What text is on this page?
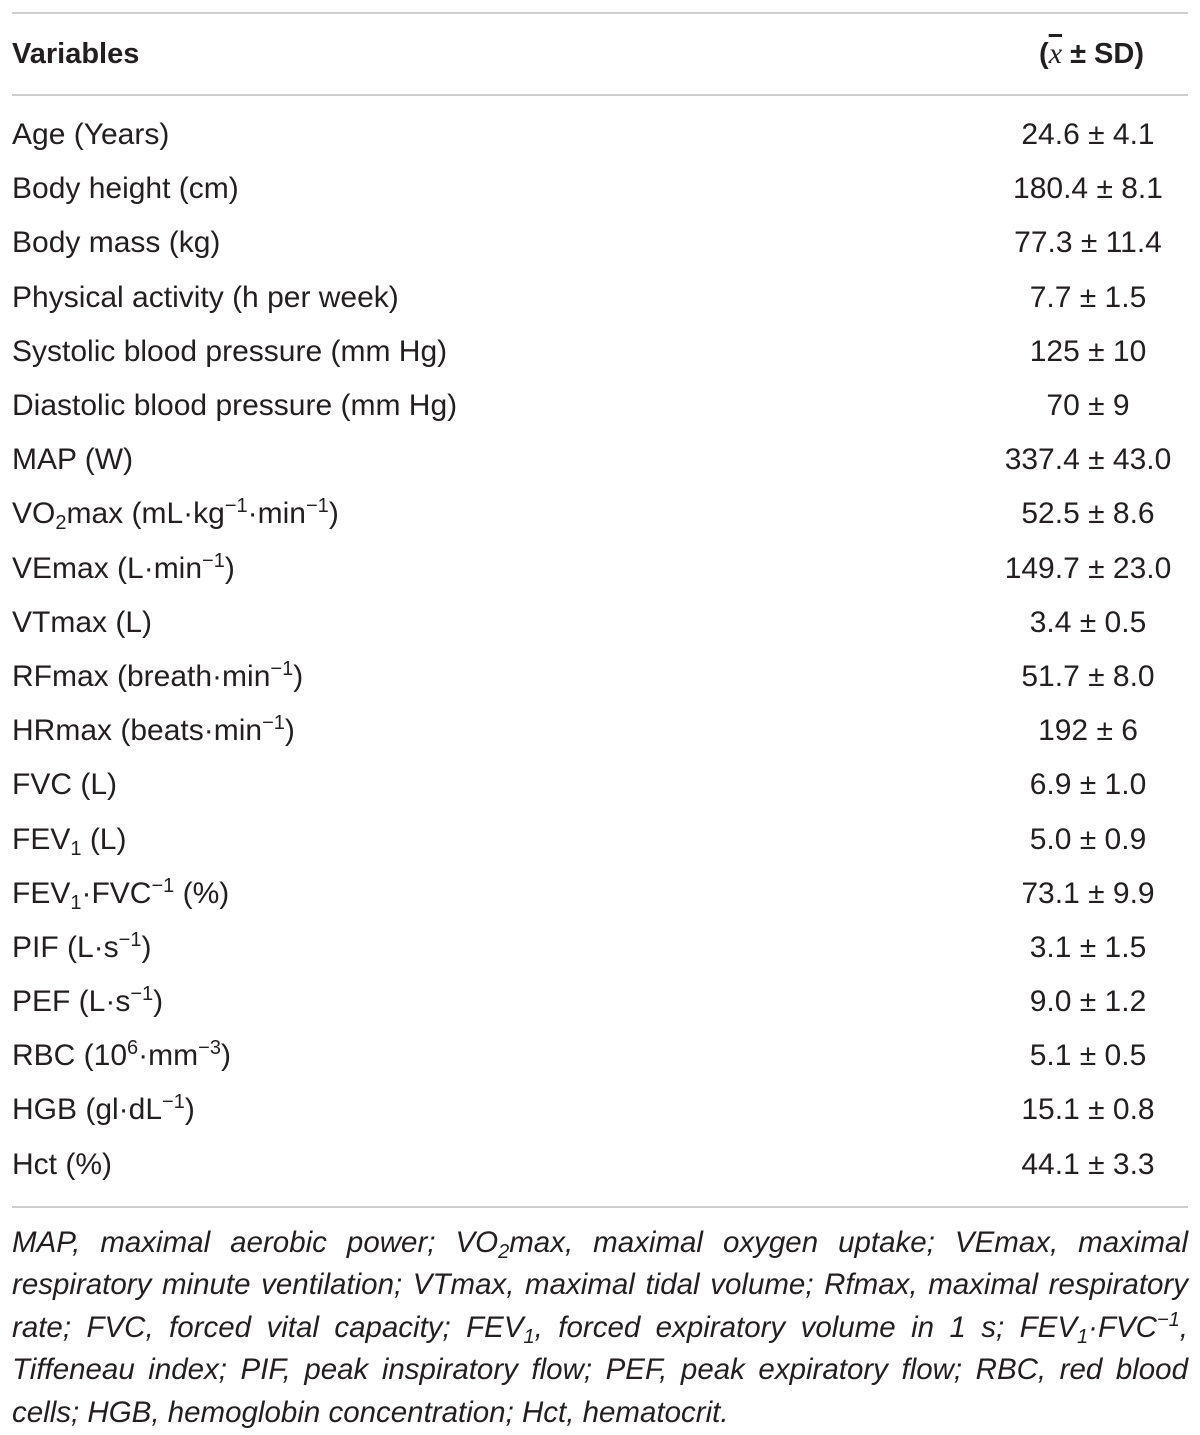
Variables	$(\overline{x} \pm SD)$
Age (Years)	24.6 ± 4.1
Body height (cm)	180.4 ± 8.1
Body mass (kg)	77.3 ± 11.4
Physical activity (h per week)	7.7 ± 1.5
Systolic blood pressure (mm Hg)	125 ± 10
Diastolic blood pressure (mm Hg)	70 ± 9
MAP (W)	337.4 ± 43.0
$VO_2\max$ $(mL\cdot kg^{-1}\cdot\min^{-1})$	52.5 ± 8.6
VEmax $(L\cdot\min^{-1})$	149.7 ± 23.0
VTmax (L)	3.4 ± 0.5
RFmax $(breath\cdot\min^{-1})$	51.7 ± 8.0
HRmax $(beats\cdot\min^{-1})$	192 ± 6
FVC (L)	6.9 ± 1.0
$FEV_1$ (L)	5.0 ± 0.9
$FEV_1\cdot FVC^{-1}$ (%)	73.1 ± 9.9
PIF $(L\cdot s^{-1})$	3.1 ± 1.5
PEF $(L\cdot s^{-1})$	9.0 ± 1.2
RBC $(10^6\cdot mm^{-3})$	5.1 ± 0.5
HGB $(gl\cdot dL^{-1})$	15.1 ± 0.8
Hct (%)	44.1 ± 3.3
MAP, maximal aerobic power; $VO_2\max$, maximal oxygen uptake; VEmax, maximal respiratory minute ventilation; VTmax, maximal tidal volume; Rfmax, maximal respiratory rate; FVC, forced vital capacity; $FEV_1$, forced expiratory volume in 1 s; $FEV_1\cdot FVC^{-1}$, Tiffeneau index; PIF, peak inspiratory flow; PEF, peak expiratory flow; RBC, red blood cells; HGB, hemoglobin concentration; Hct, hematocrit.
